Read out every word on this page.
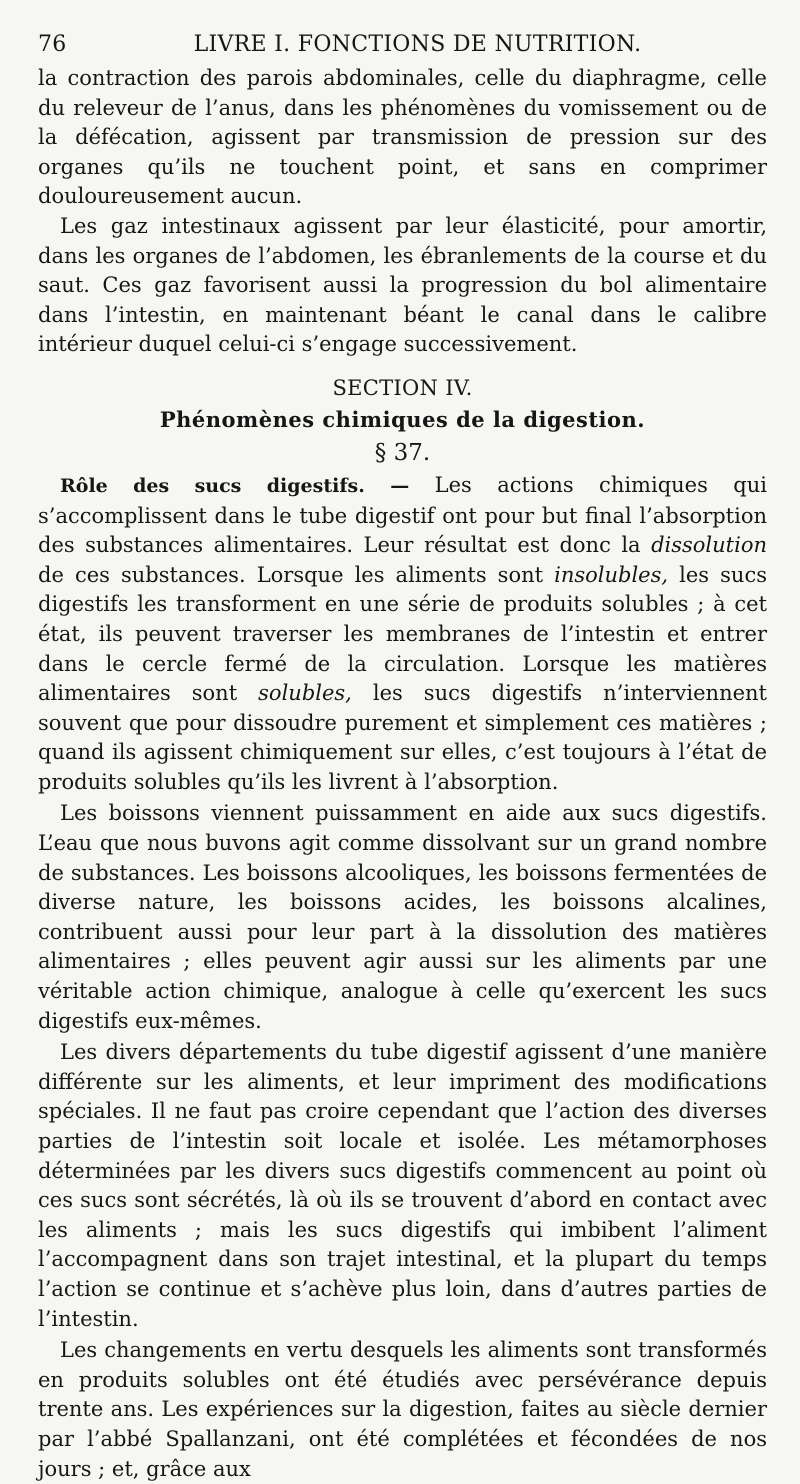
76	LIVRE I. FONCTIONS DE NUTRITION.

la contraction des parois abdominales, celle du diaphragme, celle du releveur de l’anus, dans les phénomènes du vomissement ou de la défécation, agissent par transmission de pression sur des organes qu’ils ne touchent point, et sans en comprimer douloureusement aucun.

Les gaz intestinaux agissent par leur élasticité, pour amortir, dans les organes de l’abdomen, les ébranlements de la course et du saut. Ces gaz favorisent aussi la progression du bol alimentaire dans l’intestin, en maintenant béant le canal dans le calibre intérieur duquel celui-ci s’engage successivement.

SECTION IV.
Phénomènes chimiques de la digestion.
§ 37.

Rôle des sucs digestifs. — Les actions chimiques qui s’accomplissent dans le tube digestif ont pour but final l’absorption des substances alimentaires. Leur résultat est donc la dissolution de ces substances. Lorsque les aliments sont insolubles, les sucs digestifs les transforment en une série de produits solubles ; à cet état, ils peuvent traverser les membranes de l’intestin et entrer dans le cercle fermé de la circulation. Lorsque les matières alimentaires sont solubles, les sucs digestifs n’interviennent souvent que pour dissoudre purement et simplement ces matières ; quand ils agissent chimiquement sur elles, c’est toujours à l’état de produits solubles qu’ils les livrent à l’absorption.

Les boissons viennent puissamment en aide aux sucs digestifs. L’eau que nous buvons agit comme dissolvant sur un grand nombre de substances. Les boissons alcooliques, les boissons fermentées de diverse nature, les boissons acides, les boissons alcalines, contribuent aussi pour leur part à la dissolution des matières alimentaires ; elles peuvent agir aussi sur les aliments par une véritable action chimique, analogue à celle qu’exercent les sucs digestifs eux-mêmes.

Les divers départements du tube digestif agissent d’une manière différente sur les aliments, et leur impriment des modifications spéciales. Il ne faut pas croire cependant que l’action des diverses parties de l’intestin soit locale et isolée. Les métamorphoses déterminées par les divers sucs digestifs commencent au point où ces sucs sont sécrétés, là où ils se trouvent d’abord en contact avec les aliments ; mais les sucs digestifs qui imbibent l’aliment l’accompagnent dans son trajet intestinal, et la plupart du temps l’action se continue et s’achève plus loin, dans d’autres parties de l’intestin.

Les changements en vertu desquels les aliments sont transformés en produits solubles ont été étudiés avec persévérance depuis trente ans. Les expériences sur la digestion, faites au siècle dernier par l’abbé Spallanzani, ont été complétées et fécondées de nos jours ; et, grâce aux
